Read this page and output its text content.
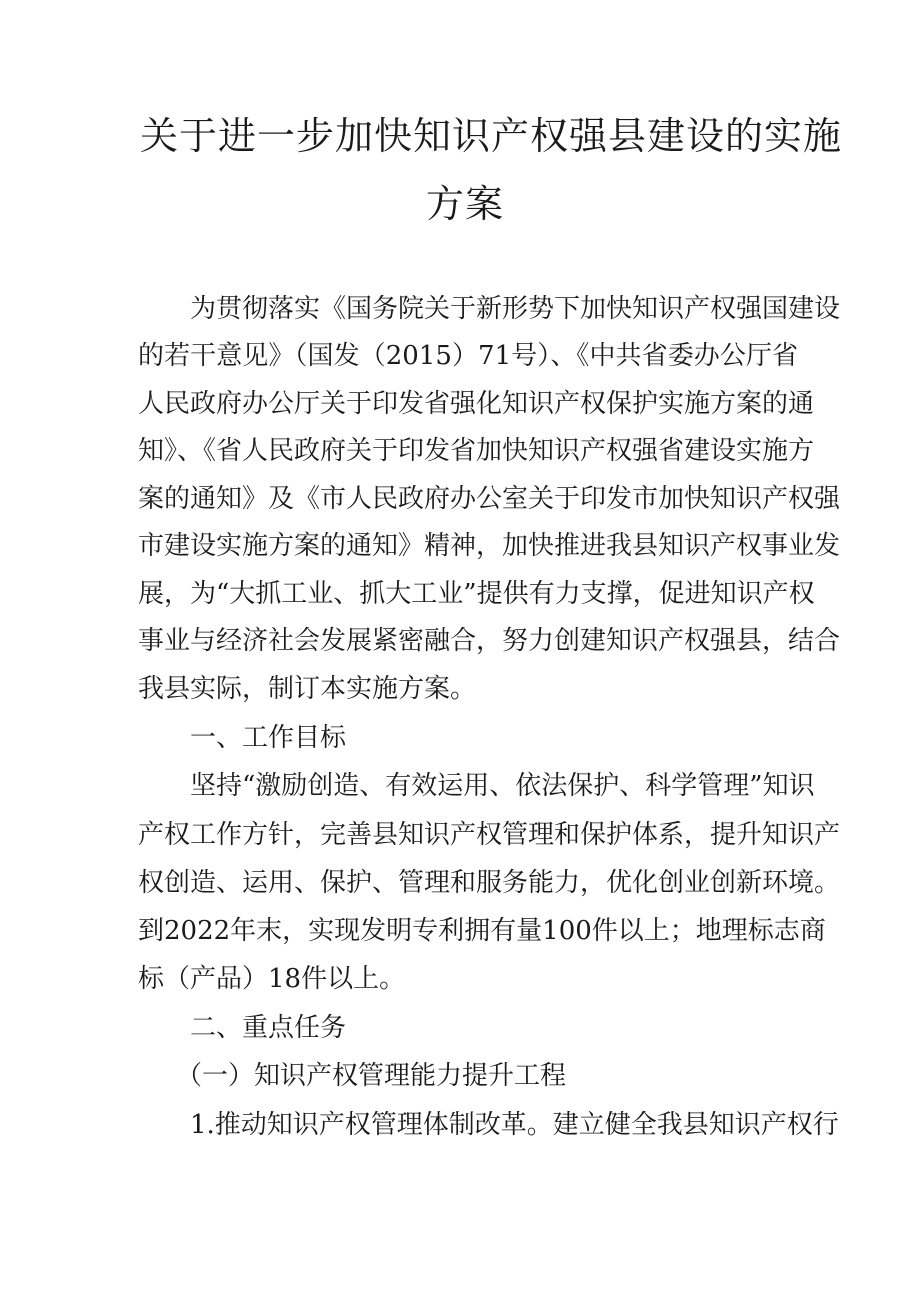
关于进一步加快知识产权强县建设的实施
方案
为贯彻落实《国务院关于新形势下加快知识产权强国建设
的若干意见》（国发（2015）71号）、《中共省委办公厅省
人民政府办公厅关于印发省强化知识产权保护实施方案的通
知》、《省人民政府关于印发省加快知识产权强省建设实施方
案的通知》及《市人民政府办公室关于印发市加快知识产权强
市建设实施方案的通知》精神，加快推进我县知识产权事业发
展，为“大抓工业、抓大工业”提供有力支撑，促进知识产权
事业与经济社会发展紧密融合，努力创建知识产权强县，结合
我县实际，制订本实施方案。
一、工作目标
坚持“激励创造、有效运用、依法保护、科学管理”知识
产权工作方针，完善县知识产权管理和保护体系，提升知识产
权创造、运用、保护、管理和服务能力，优化创业创新环境。
到2022年末，实现发明专利拥有量100件以上；地理标志商
标（产品）18件以上。
二、重点任务
（一）知识产权管理能力提升工程
1.推动知识产权管理体制改革。建立健全我县知识产权行
